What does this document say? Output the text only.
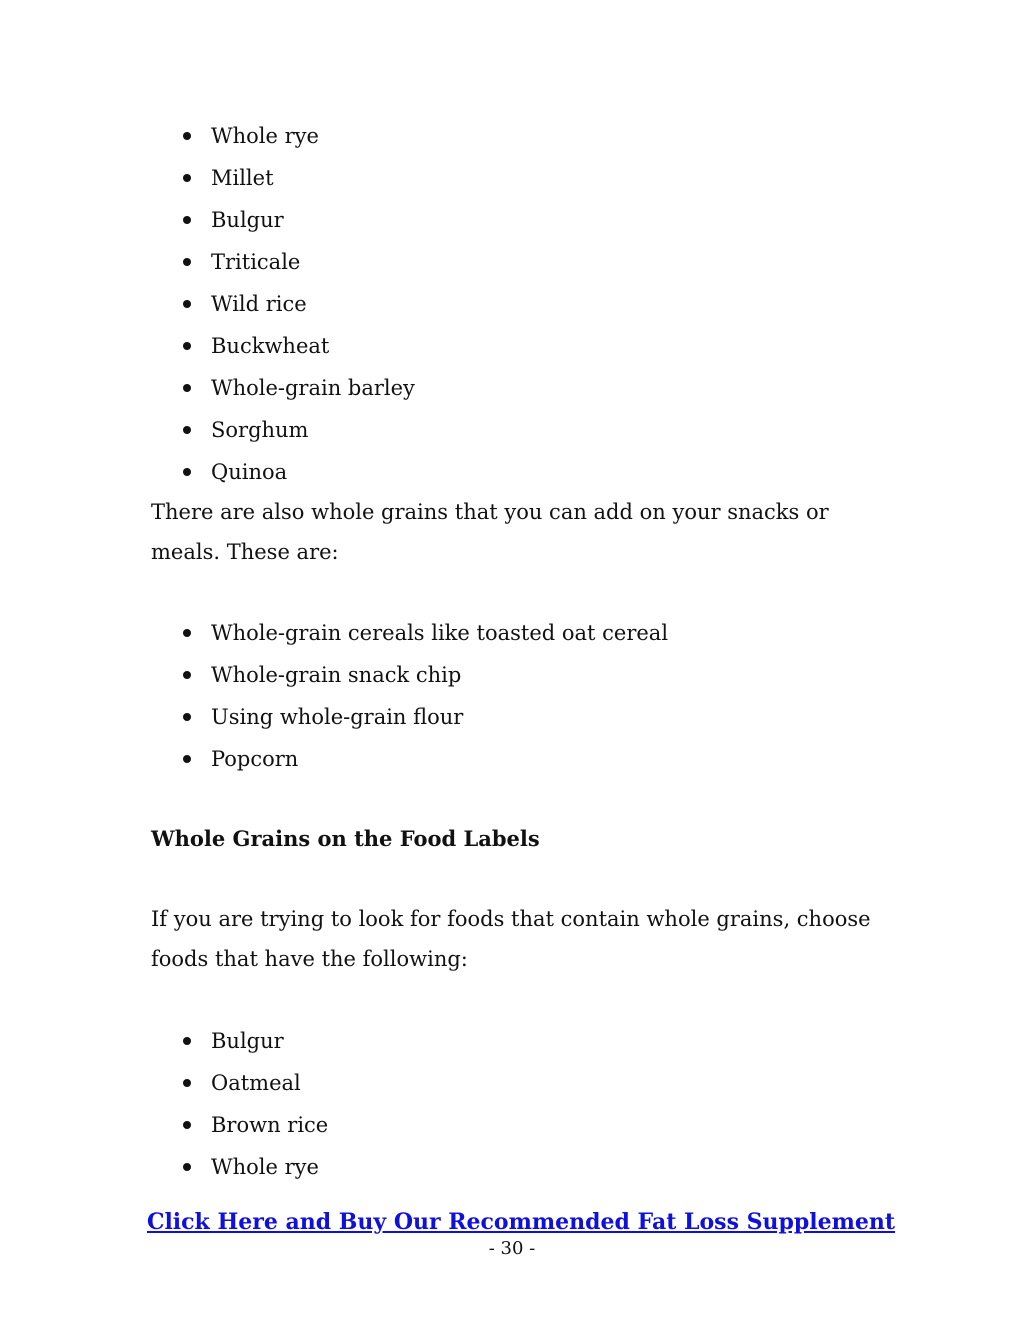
Whole rye
Millet
Bulgur
Triticale
Wild rice
Buckwheat
Whole-grain barley
Sorghum
Quinoa

There are also whole grains that you can add on your snacks or meals. These are:

Whole-grain cereals like toasted oat cereal
Whole-grain snack chip
Using whole-grain flour
Popcorn
Whole Grains on the Food Labels

If you are trying to look for foods that contain whole grains, choose foods that have the following:

Bulgur
Oatmeal
Brown rice
Whole rye
Click Here and Buy Our Recommended Fat Loss Supplement
- 30 -
